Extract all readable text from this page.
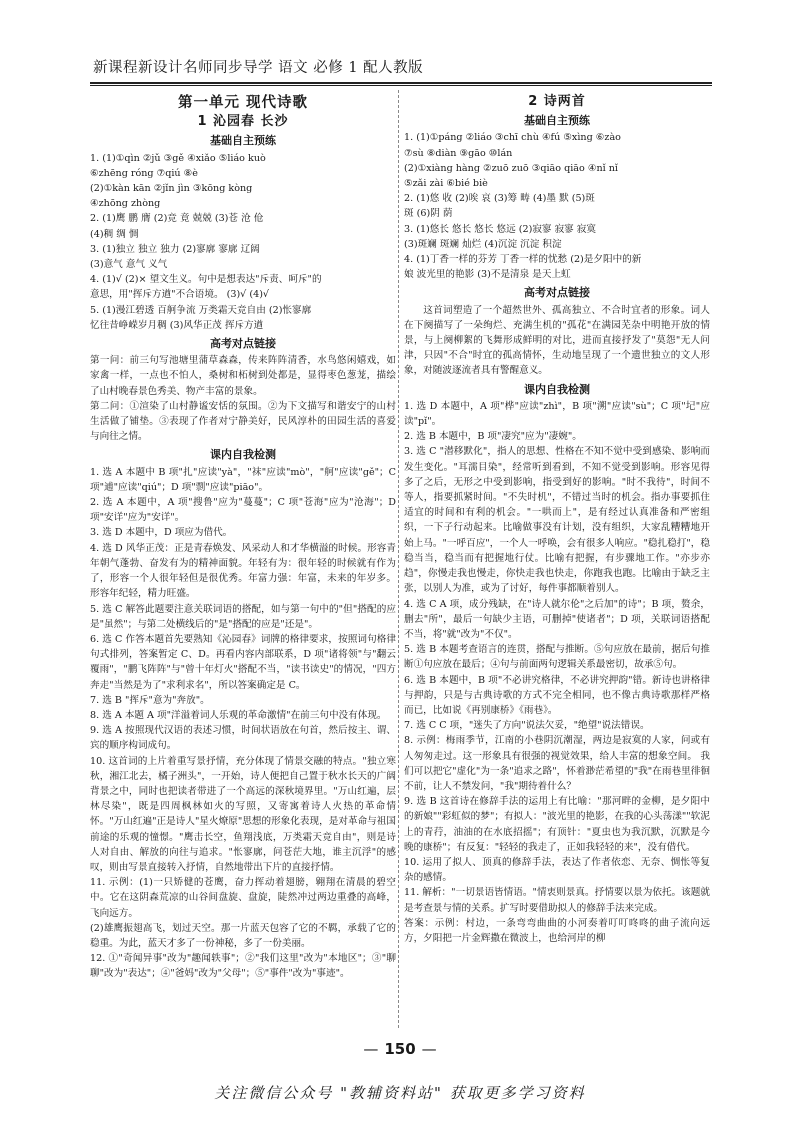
新课程新设计名师同步导学 语文 必修 1 配人教版
第一单元 现代诗歌
1 沁园春 长沙
基础自主预练
1. (1)①qìn ②jǔ ③gě ④xiǎo ⑤liáo kuò
⑥zhēng róng ⑦qiú ⑧è
(2)①kàn kān ②jǐn jìn ③kōng kòng
④zhōng zhòng
2. (1)鹰 鹏 膺 (2)竞 竟 兢兢 (3)苍 沧 伧
(4)稠 绸 惆
3. (1)独立 独立 独力 (2)寥廓 寥廓 辽阔
(3)意气 意气 义气
4. (1)√ (2)× 望文生义。句中是想表达"斥责、呵斥"的
意思，用"挥斥方遒"不合语境。 (3)√ (4)√
5. (1)漫江碧透 百舸争流 万类霜天竞自由 (2)怅寥廓
忆往昔峥嵘岁月稠 (3)风华正茂 挥斥方遒
高考对点链接
第一问：前三句写池塘里蒲草森森，传来阵阵清香，水鸟悠闲嬉戏，如家禽一样，一点也不怕人，桑树和柘树到处都是，显得枣色葱茏，描绘了山村晚春景色秀美、物产丰富的景象。
第二问：①渲染了山村静谧安恬的氛围。②为下文描写和谐安宁的山村生活做了铺垫。③表现了作者对宁静美好，民风淳朴的田园生活的喜爱与向往之情。
课内自我检测
1. 选 A 本题中 B 项"扎"应读"yà"，"袜"应读"mò"，"舸"应读"gě"；C 项"逋"应读"qiú"；D 项"剽"应读"piāo"。
2. 选 A 本题中，A 项"搜鲁"应为"蔓蔓"；C 项"苍海"应为"沧海"；D 项"安详"应为"安详"。
3. 选 D 本题中，D 项应为借代。
4. 选 D 风华正茂：正是青春焕发、风采动人和才华横溢的时候。形容青年朝气蓬勃、奋发有为的精神面貌。年轻有为：很年轻的时候就有作为了，形容一个人很年轻但是很优秀。年富力强：年富，未来的年岁多。形容年纪轻，精力旺盛。
5. 选 C 解答此题要注意关联词语的搭配，如与第一句中的"但"搭配的应是"虽然"；与第二处横线后的"是"搭配的应是"还是"。
6. 选 C 作答本题首先要熟知《沁园春》词牌的格律要求，按照词句格律句式排列，答案暂定 C、D。再看内容内部联系，D 项"诸将领"与"翻云覆雨"，"鹏飞阵阵"与"曾十年灯火"搭配不当，"读书读史"的情况，"四方奔走"当然是为了"求利求名"，所以答案确定是 C。
7. 选 B "挥斥"意为"奔放"。
8. 选 A 本题 A 项"洋溢着词人乐观的革命激情"在前三句中没有体现。
9. 选 A 按照现代汉语的表述习惯，时间状语放在句首，然后按主、谓、宾的顺序构词成句。
10. 这首词的上片着重写景抒情，充分体现了情景交融的特点。"独立寒秋，湘江北去，橘子洲头"，一开始，诗人便把自己置于秋水长天的广阔背景之中，同时也把读者带进了一个高远的深秋境界里。"万山红遍，层林尽染"，既是四周枫林如火的写照，又寄寓着诗人火热的革命情怀。"万山红遍"正是诗人"星火燎原"思想的形象化表现，是对革命与祖国前途的乐观的憧憬。"鹰击长空，鱼翔浅底，万类霜天竞自由"，则是诗人对自由、解放的向往与追求。"怅寥廓，问苍茫大地，谁主沉浮"的感叹，则由写景直接转入抒情，自然地带出下片的直接抒情。
11. 示例：(1)一只矫健的苍鹰，奋力挥动着翅膀，翱翔在清晨的碧空中。它在这阴森荒凉的山谷间盘旋、盘旋，陡然冲过两边重叠的高峰，飞向远方。
(2)雄鹰振翅高飞，划过天空。那一片蓝天包容了它的不羁，承载了它的稳重。为此，蓝天才多了一份神秘，多了一份美丽。
12. ①"奇闻异事"改为"趣闻轶事"；②"我们这里"改为"本地区"；③"聊聊"改为"表达"；④"爸妈"改为"父母"；⑤"事件"改为"事迹"。
2 诗两首
基础自主预练
1. (1)①páng ②liáo ③chī chù ④fú ⑤xìng ⑥zào
⑦sù ⑧diàn ⑨gāo ⑩lán
(2)①xiàng hàng ②zuō zuō ③qiāo qiāo ④nǐ nǐ
⑤zǎi zài ⑥bié biè
2. (1)悠 收 (2)唉 哀 (3)筹 畴 (4)墨 默 (5)斑
斑 (6)阴 荫
3. (1)悠长 悠长 悠长 悠远 (2)寂寥 寂寥 寂寞
(3)斑斓 斑斓 灿烂 (4)沉淀 沉淀 积淀
4. (1)丁香一样的芬芳 丁香一样的忧愁 (2)是夕阳中的新
娘 波光里的艳影 (3)不是清泉 是天上虹
高考对点链接
这首词塑造了一个超然世外、孤高独立、不合时宜者的形象。词人在下阕描写了一朵绚烂、充满生机的"孤花"在满园芜杂中明艳开放的情景，与上阕柳絮的飞舞形成鲜明的对比，进而直接抒发了"莫怨"无人问津，只因"不合"时宜的孤高情怀，生动地呈现了一个遗世独立的文人形象，对随波逐流者具有警醒意义。
课内自我检测
1. 选 D 本题中，A 项"桦"应读"zhì"，B 项"溯"应读"sù"；C 项"圮"应读"pǐ"。
2. 选 B 本题中，B 项"凄究"应为"凄婉"。
3. 选 C "潜移默化"，指人的思想、性格在不知不觉中受到感染、影响而发生变化。"耳濡目染"，经常听到看到，不知不觉受到影响。形容见得多了之后，无形之中受到影响，指受到好的影响。"时不我待"，时间不等人，指要抓紧时间。"不失时机"，不错过当时的机会。指办事要抓住适宜的时间和有利的机会。"一哄而上"，是有经过认真准备和严密组织，一下子行动起来。比喻做事没有计划，没有组织，大家乱糟糟地开始上马。"一呼百应"，一个人一呼唤，会有很多人响应。"稳扎稳打"，稳稳当当，稳当而有把握地行仗。比喻有把握，有步骤地工作。"亦步亦趋"，你慢走我也慢走，你快走我也快走，你跑我也跑。比喻由于缺乏主张，以别人为准，或为了讨好，每件事都顺着别人。
4. 选 C A 项，成分残缺，在"诗人就尔伦"之后加"的诗"；B 项，赘余，删去"所"，最后一句缺少主语，可删掉"使诸者"；D 项，关联词语搭配不当，将"就"改为"不仅"。
5. 选 B 本题考查语言的连贯，搭配与推断。⑤句应放在最前，据后句推断①句应放在最后；④句与前面两句逻辑关系最密切，故承⑤句。
6. 选 B 本题中，B 项"不必讲究格律，不必讲究押韵"错。新诗也讲格律与押韵，只是与古典诗歌的方式不完全相同，也不像古典诗歌那样严格而已，比如说《再别康桥》《雨巷》。
7. 选 C C 项，"迷失了方向"说法欠妥，"绝望"说法错误。
8. 示例：梅雨季节，江南的小巷阴沉潮湿，两边是寂寞的人家，问或有人匆匆走过。这一形象具有很强的视觉效果，给人丰富的想象空间。 我们可以把它"虚化"为一条"追求之路"，怀着渺茫希望的"我"在雨巷里徘徊不前，让人不禁发问，"我"期待着什么？
9. 选 B 这首诗在修辞手法的运用上有比喻："那河畔的金柳，是夕阳中的新娘""彩虹似的梦"；有拟人："波光里的艳影，在我的心头荡漾""软泥上的青荇，油油的在水底招摇"；有顶针："夏虫也为我沉默，沉默是今晚的康桥"；有反复："轻轻的我走了，正如我轻轻的来"，没有借代。
10. 运用了拟人、顶真的修辞手法，表达了作者依恋、无奈、惆怅等复杂的感情。
11. 解析："一切景语皆情语。"情衷则景真。抒情要以景为依托。该题就是考查景与情的关系。扩写时要借助拟人的修辞手法来完成。
答案：示例：村边，一条弯弯曲曲的小河奏着叮叮咚咚的曲子流向远方，夕阳把一片金辉撒在微波上，也给河岸的柳
— 150 —
关注微信公众号 "教辅资料站" 获取更多学习资料
